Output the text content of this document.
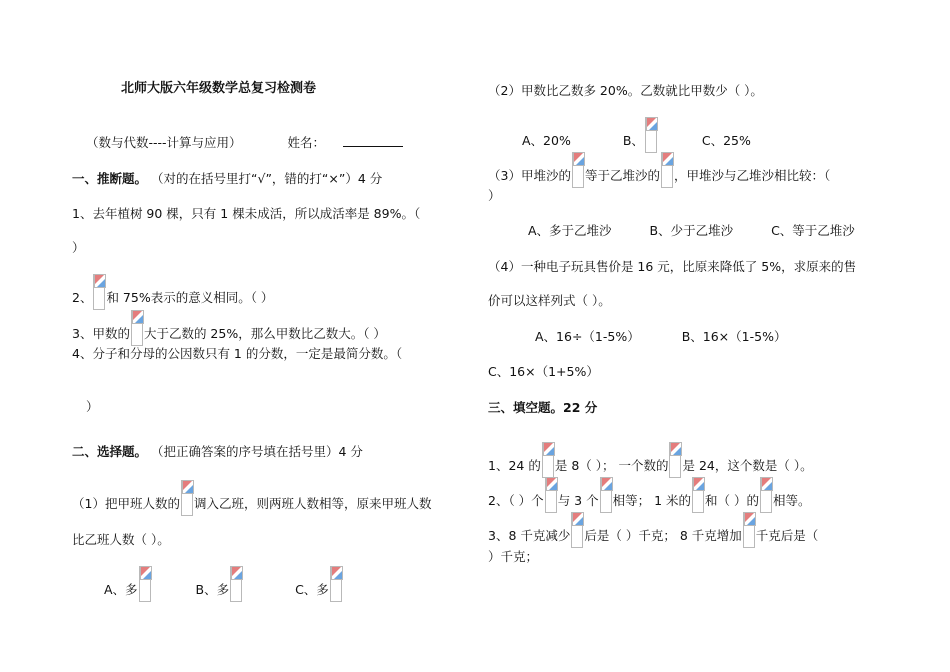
北师大版六年级数学总复习检测卷
（数与代数----计算与应用）	姓名：
一、推断题。 （对的在括号里打“√”，错的打“×”）4 分
1、去年植树 90 棵，只有 1 棵未成活，所以成活率是 89%。（
）
2、 和 75%表示的意义相同。（ ）
3、甲数的 大于乙数的 25%，那么甲数比乙数大。（ ）
4、分子和分母的公因数只有 1 的分数，一定是最简分数。（
）
二、选择题。 （把正确答案的序号填在括号里）4 分
（1）把甲班人数的 调入乙班，则两班人数相等，原来甲班人数
比乙班人数（ ）。
A、多	B、多	C、多
（2）甲数比乙数多 20%。乙数就比甲数少（ ）。
A、20%	B、	C、25%
（3）甲堆沙的 等于乙堆沙的 ，甲堆沙与乙堆沙相比较：（
）
A、多于乙堆沙	B、少于乙堆沙	C、等于乙堆沙
（4）一种电子玩具售价是 16 元，比原来降低了 5%，求原来的售
价可以这样列式（ ）。
A、16÷（1-5%）	B、16×（1-5%）
C、16×（1+5%）
三、填空题。22 分
1、24 的 是 8（ ）； 一个数的 是 24，这个数是（ ）。
2、（ ）个 与 3 个 相等； 1 米的 和（ ）的 相等。
3、8 千克减少 后是（ ）千克； 8 千克增加 千克后是（
）千克；
